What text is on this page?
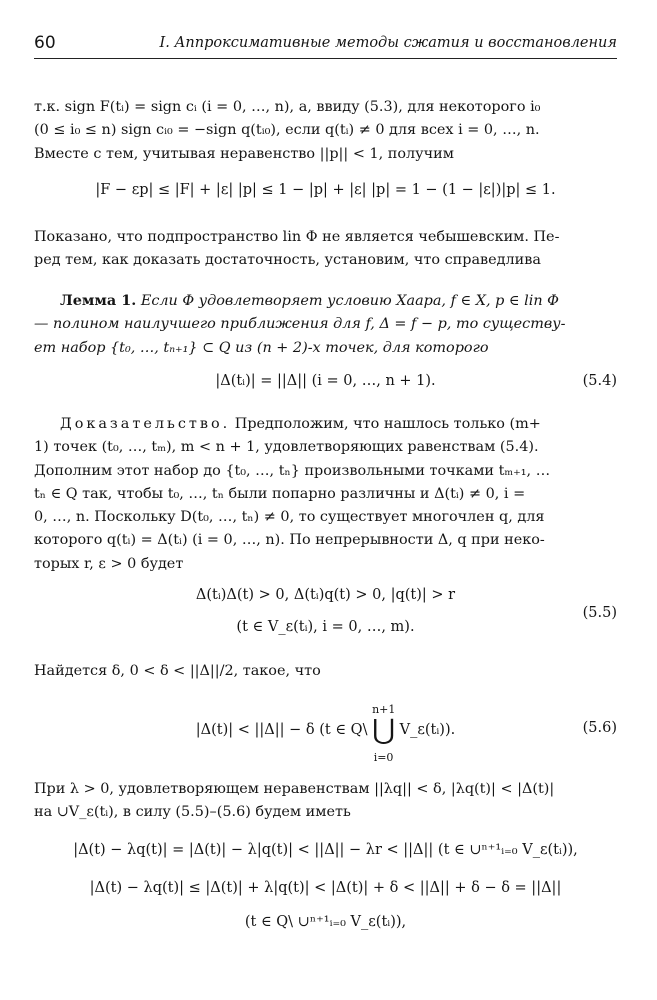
60	I. Аппроксимативные методы сжатия и восстановления

т.к. sign F(tᵢ) = sign cᵢ (i = 0, …, n), а, ввиду (5.3), для некоторого i₀

(0 ≤ i₀ ≤ n) sign cᵢ₀ = −sign q(tᵢ₀), если q(tᵢ) ≠ 0 для всех i = 0, …, n.

Вместе с тем, учитывая неравенство ||p|| < 1, получим

|F − εp| ≤ |F| + |ε| |p| ≤ 1 − |p| + |ε| |p| = 1 − (1 − |ε|)|p| ≤ 1.

Показано, что подпространство lin Φ не является чебышевским. Пе-

ред тем, как доказать достаточность, установим, что справедлива

Лемма 1. Если Φ удовлетворяет условию Хаара, f ∈ X, p ∈ lin Φ

— полином наилучшего приближения для f, Δ = f − p, то существу-

ет набор {t₀, …, tₙ₊₁} ⊂ Q из (n + 2)-х точек, для которого

|Δ(tᵢ)| = ||Δ|| (i = 0, …, n + 1).	(5.4)

Доказательство. Предположим, что нашлось только (m+

1) точек (t₀, …, tₘ), m < n + 1, удовлетворяющих равенствам (5.4).

Дополним этот набор до {t₀, …, tₙ} произвольными точками tₘ₊₁, …

tₙ ∈ Q так, чтобы t₀, …, tₙ были попарно различны и Δ(tᵢ) ≠ 0, i =

0, …, n. Поскольку D(t₀, …, tₙ) ≠ 0, то существует многочлен q, для

которого q(tᵢ) = Δ(tᵢ) (i = 0, …, n). По непрерывности Δ, q при неко-

торых r, ε > 0 будет

Δ(tᵢ)Δ(t) > 0, Δ(tᵢ)q(t) > 0, |q(t)| > r
(t ∈ V_ε(tᵢ), i = 0, …, m).
(5.5)

Найдется δ, 0 < δ < ||Δ||/2, такое, что

|Δ(t)| < ||Δ|| − δ (t ∈ Q\
n+1
⋃
i=0
V_ε(tᵢ)).	(5.6)

При λ > 0, удовлетворяющем неравенствам ||λq|| < δ, |λq(t)| < |Δ(t)|

на ∪V_ε(tᵢ), в силу (5.5)–(5.6) будем иметь

|Δ(t) − λq(t)| = |Δ(t)| − λ|q(t)| < ||Δ|| − λr < ||Δ|| (t ∈ ∪ⁿ⁺¹ᵢ₌₀ V_ε(tᵢ)),
|Δ(t) − λq(t)| ≤ |Δ(t)| + λ|q(t)| < |Δ(t)| + δ < ||Δ|| + δ − δ = ||Δ||
(t ∈ Q\ ∪ⁿ⁺¹ᵢ₌₀ V_ε(tᵢ)),
